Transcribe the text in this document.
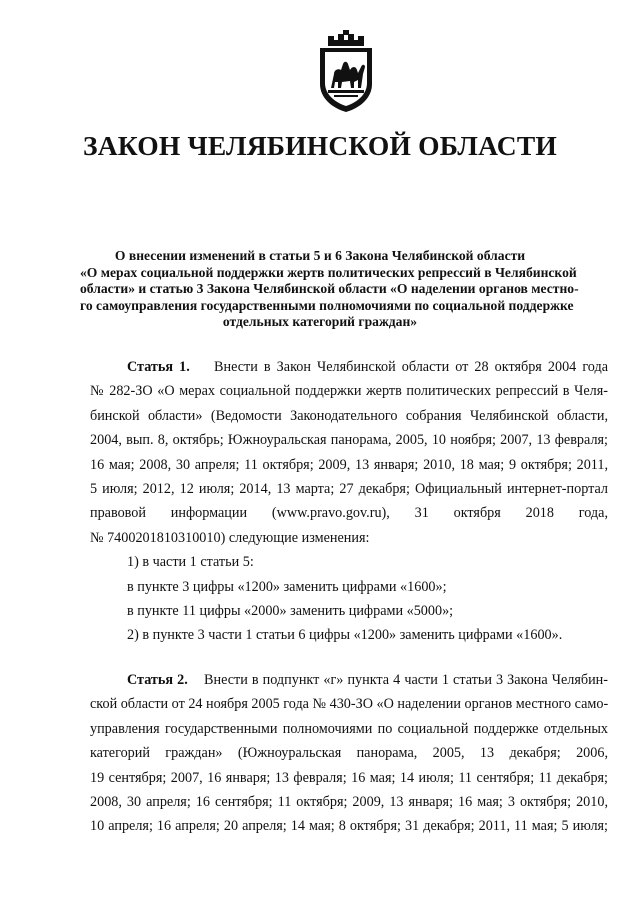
ЗАКОН ЧЕЛЯБИНСКОЙ ОБЛАСТИ
О внесении изменений в статьи 5 и 6 Закона Челябинской области
«О мерах социальной поддержки жертв политических репрессий в Челябинской
области» и статью 3 Закона Челябинской области «О наделении органов местно-
го самоуправления государственными полномочиями по социальной поддержке
отдельных категорий граждан»
Статья 1. Внести в Закон Челябинской области от 28 октября 2004 года
№ 282-ЗО «О мерах социальной поддержки жертв политических репрессий в Челя-
бинской области» (Ведомости Законодательного собрания Челябинской области,
2004, вып. 8, октябрь; Южноуральская панорама, 2005, 10 ноября; 2007, 13 февраля;
16 мая; 2008, 30 апреля; 11 октября; 2009, 13 января; 2010, 18 мая; 9 октября; 2011,
5 июля; 2012, 12 июля; 2014, 13 марта; 27 декабря; Официальный интернет-портал
правовой информации (www.pravo.gov.ru), 31 октября 2018 года,
№ 7400201810310010) следующие изменения:
1) в части 1 статьи 5:
в пункте 3 цифры «1200» заменить цифрами «1600»;
в пункте 11 цифры «2000» заменить цифрами «5000»;
2) в пункте 3 части 1 статьи 6 цифры «1200» заменить цифрами «1600».
Статья 2. Внести в подпункт «г» пункта 4 части 1 статьи 3 Закона Челябин-
ской области от 24 ноября 2005 года № 430-ЗО «О наделении органов местного само-
управления государственными полномочиями по социальной поддержке отдельных
категорий граждан» (Южноуральская панорама, 2005, 13 декабря; 2006,
19 сентября; 2007, 16 января; 13 февраля; 16 мая; 14 июля; 11 сентября; 11 декабря;
2008, 30 апреля; 16 сентября; 11 октября; 2009, 13 января; 16 мая; 3 октября; 2010,
10 апреля; 16 апреля; 20 апреля; 14 мая; 8 октября; 31 декабря; 2011, 11 мая; 5 июля;
